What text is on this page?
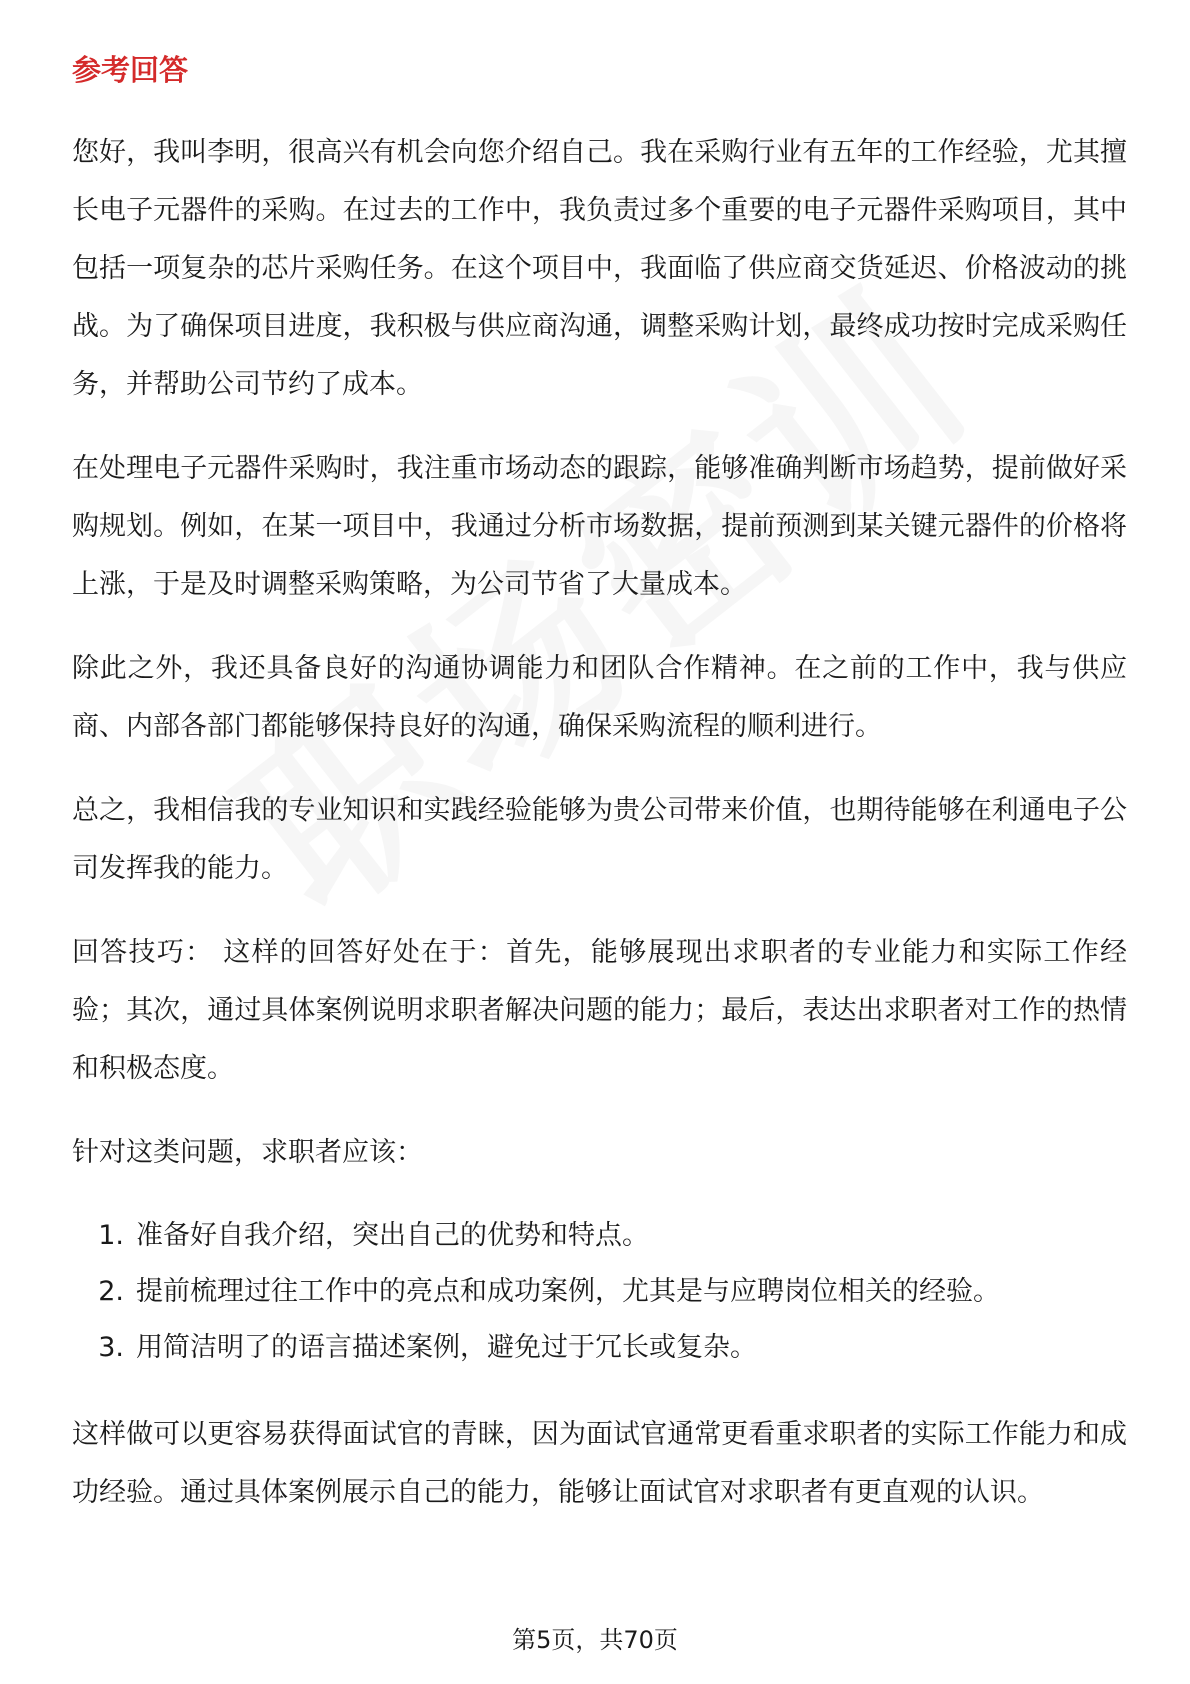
参考回答

您好，我叫李明，很高兴有机会向您介绍自己。我在采购行业有五年的工作经验，尤其擅长电子元器件的采购。在过去的工作中，我负责过多个重要的电子元器件采购项目，其中包括一项复杂的芯片采购任务。在这个项目中，我面临了供应商交货延迟、价格波动的挑战。为了确保项目进度，我积极与供应商沟通，调整采购计划，最终成功按时完成采购任务，并帮助公司节约了成本。

在处理电子元器件采购时，我注重市场动态的跟踪，能够准确判断市场趋势，提前做好采购规划。例如，在某一项目中，我通过分析市场数据，提前预测到某关键元器件的价格将上涨，于是及时调整采购策略，为公司节省了大量成本。

除此之外，我还具备良好的沟通协调能力和团队合作精神。在之前的工作中，我与供应商、内部各部门都能够保持良好的沟通，确保采购流程的顺利进行。

总之，我相信我的专业知识和实践经验能够为贵公司带来价值，也期待能够在利通电子公司发挥我的能力。

回答技巧： 这样的回答好处在于：首先，能够展现出求职者的专业能力和实际工作经验；其次，通过具体案例说明求职者解决问题的能力；最后，表达出求职者对工作的热情和积极态度。

针对这类问题，求职者应该：

1. 准备好自我介绍，突出自己的优势和特点。
2. 提前梳理过往工作中的亮点和成功案例，尤其是与应聘岗位相关的经验。
3. 用简洁明了的语言描述案例，避免过于冗长或复杂。

这样做可以更容易获得面试官的青睐，因为面试官通常更看重求职者的实际工作能力和成功经验。通过具体案例展示自己的能力，能够让面试官对求职者有更直观的认识。

第5页，共70页
